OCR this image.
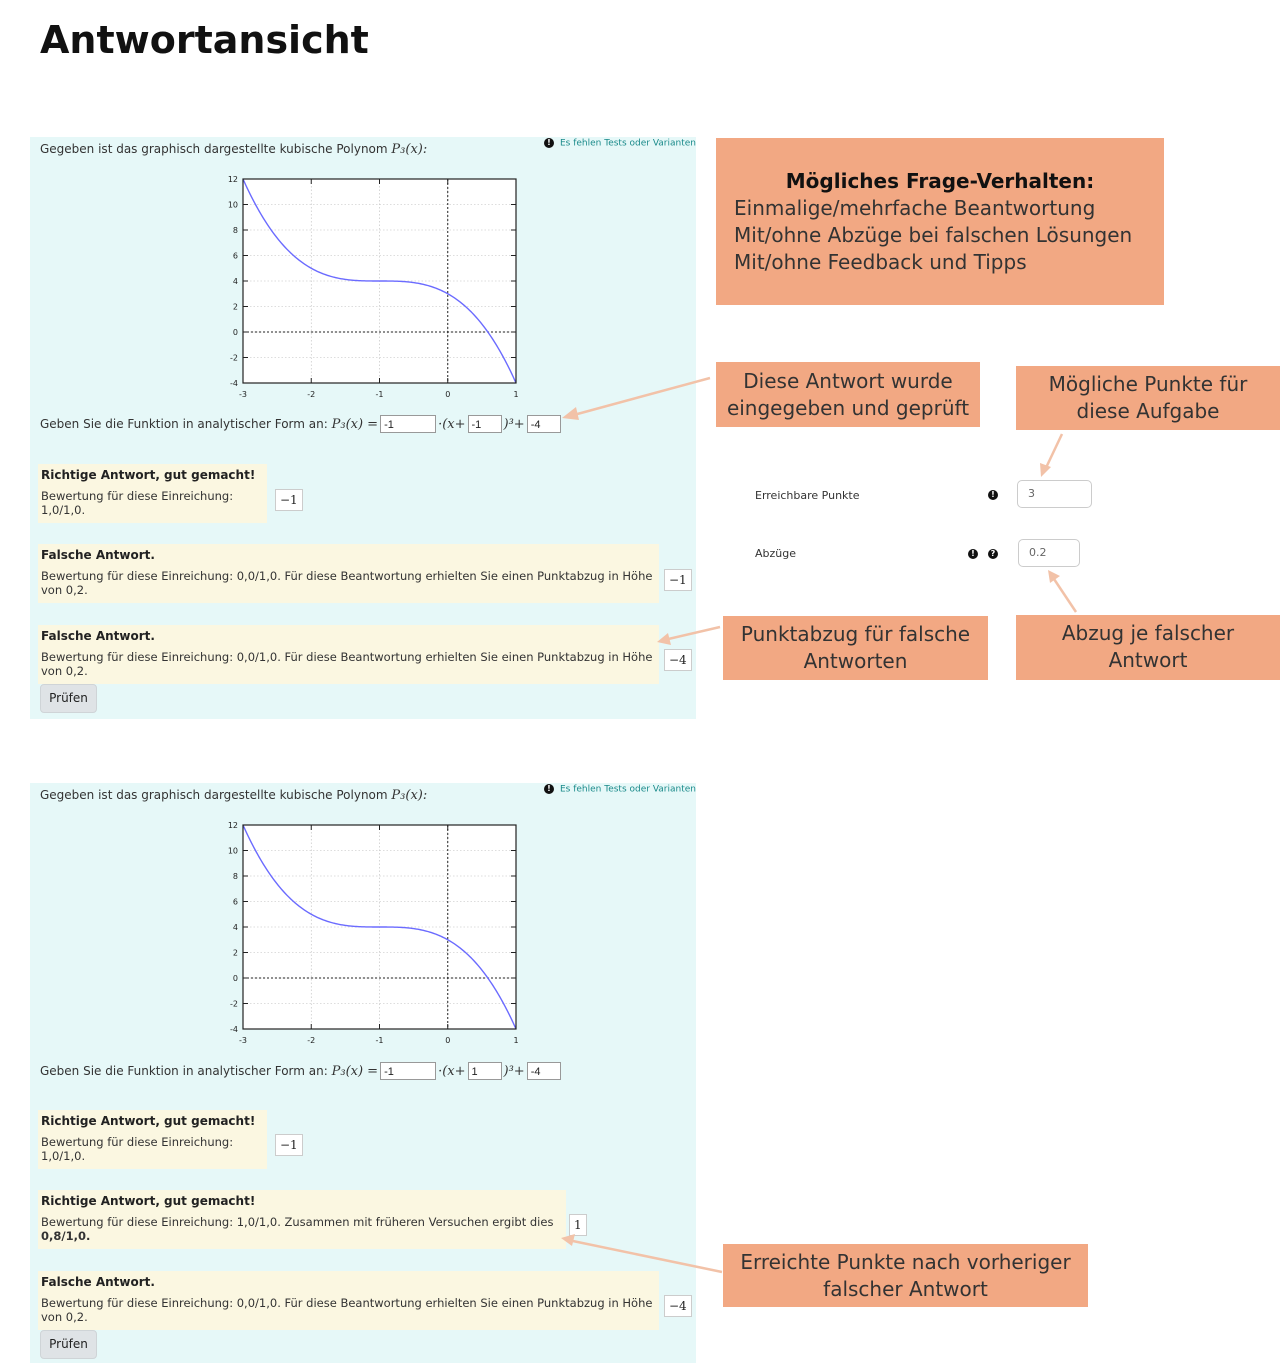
Antwortansicht
Gegeben ist das graphisch dargestellte kubische Polynom P₃(x):	! Es fehlen Tests oder Varianten
-3	-2	-1	0	1
-4
-2
0
2
4
6
8
10
12
Geben Sie die Funktion in analytischer Form an:
P₃(x) = -1	·(x+ -1	)³+ -4
Richtige Antwort, gut gemacht!
Bewertung für diese Einreichung: 1,0/1,0.
−1
Falsche Antwort.
Bewertung für diese Einreichung: 0,0/1,0. Für diese Beantwortung erhielten Sie einen Punktabzug in Höhe von 0,2.
−1
Falsche Antwort.
Bewertung für diese Einreichung: 0,0/1,0. Für diese Beantwortung erhielten Sie einen Punktabzug in Höhe von 0,2.
−4
Prüfen
Gegeben ist das graphisch dargestellte kubische Polynom P₃(x):	! Es fehlen Tests oder Varianten
-3	-2	-1	0	1
-4
-2
0
2
4
6
8
10
12
Geben Sie die Funktion in analytischer Form an:
P₃(x) = -1	·(x+ 1	)³+ -4
Richtige Antwort, gut gemacht!
Bewertung für diese Einreichung: 1,0/1,0.
−1
Richtige Antwort, gut gemacht!
Bewertung für diese Einreichung: 1,0/1,0. Zusammen mit früheren Versuchen ergibt dies 0,8/1,0.
1
Falsche Antwort.
Bewertung für diese Einreichung: 0,0/1,0. Für diese Beantwortung erhielten Sie einen Punktabzug in Höhe von 0,2.
−4
Prüfen
Mögliches Frage-Verhalten:
Einmalige/mehrfache Beantwortung
Mit/ohne Abzüge bei falschen Lösungen
Mit/ohne Feedback und Tipps
Diese Antwort wurde
eingegeben und geprüft
Mögliche Punkte für
diese Aufgabe
Punktabzug für falsche
Antworten
Abzug je falscher
Antwort
Erreichte Punkte nach vorheriger
falscher Antwort
Erreichbare Punkte	!	3
Abzüge	!	?	0.2
